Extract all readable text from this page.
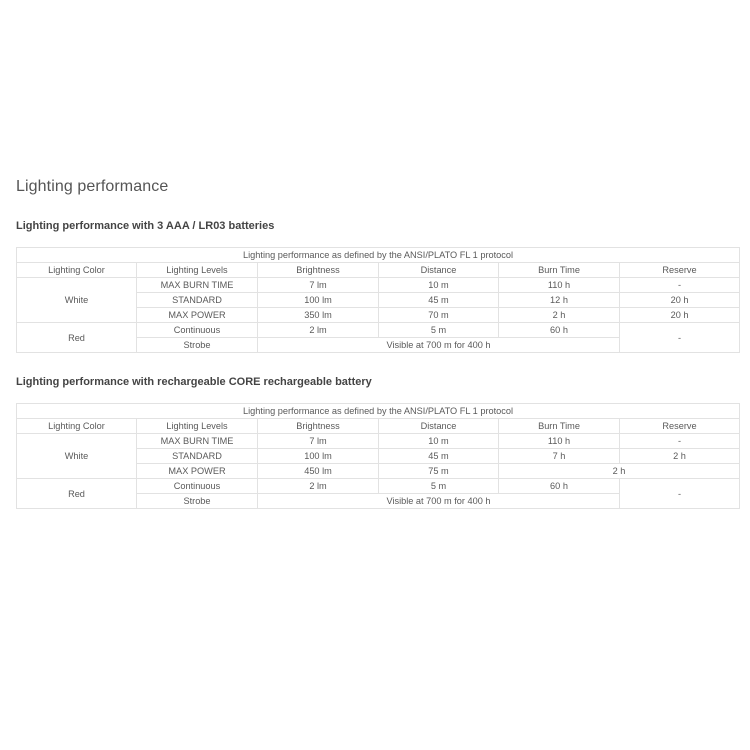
Lighting performance
Lighting performance with 3 AAA / LR03 batteries
Lighting performance as defined by the ANSI/PLATO FL 1 protocol					
Lighting Color	Lighting Levels	Brightness	Distance	Burn Time	Reserve
White	MAX BURN TIME	7 lm	10 m	110 h	-
	STANDARD	100 lm	45 m	12 h	20 h
	MAX POWER	350 lm	70 m	2 h	20 h
Red	Continuous	2 lm	5 m	60 h	-
	Strobe	Visible at 700 m for 400 h			
Lighting performance with rechargeable CORE rechargeable battery
Lighting performance as defined by the ANSI/PLATO FL 1 protocol					
Lighting Color	Lighting Levels	Brightness	Distance	Burn Time	Reserve
White	MAX BURN TIME	7 lm	10 m	110 h	-
	STANDARD	100 lm	45 m	7 h	2 h
	MAX POWER	450 lm	75 m	2 h	
Red	Continuous	2 lm	5 m	60 h	-
	Strobe	Visible at 700 m for 400 h			
